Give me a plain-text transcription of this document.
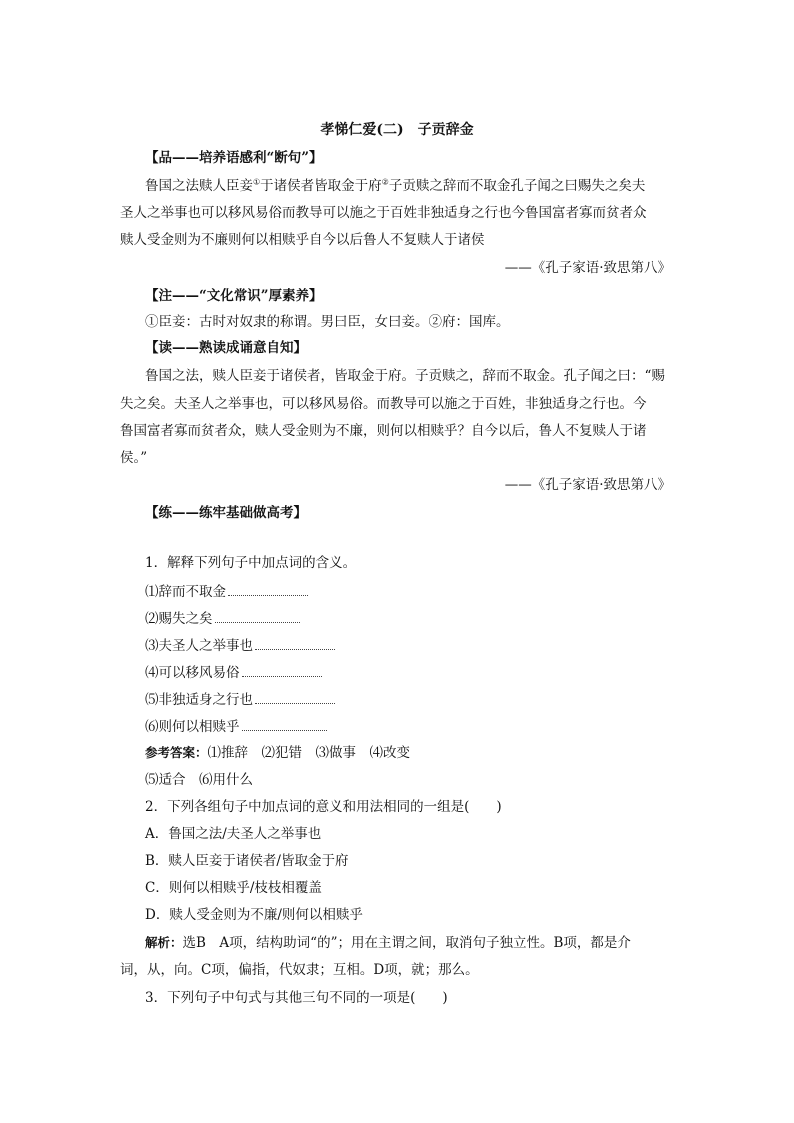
孝悌仁爱(二)　子贡辞金
【品——培养语感利“断句”】
鲁国之法赎人臣妾①于诸侯者皆取金于府②子贡赎之辞而不取金孔子闻之曰赐失之矣夫
圣人之举事也可以移风易俗而教导可以施之于百姓非独适身之行也今鲁国富者寡而贫者众
赎人受金则为不廉则何以相赎乎自今以后鲁人不复赎人于诸侯
——《孔子家语·致思第八》
【注——“文化常识”厚素养】
①臣妾：古时对奴隶的称谓。男曰臣，女曰妾。②府：国库。
【读——熟读成诵意自知】
鲁国之法，赎人臣妾于诸侯者，皆取金于府。子贡赎之，辞而不取金。孔子闻之曰：“赐
失之矣。夫圣人之举事也，可以移风易俗。而教导可以施之于百姓，非独适身之行也。今
鲁国富者寡而贫者众，赎人受金则为不廉，则何以相赎乎？自今以后，鲁人不复赎人于诸
侯。”
——《孔子家语·致思第八》
【练——练牢基础做高考】
1．解释下列句子中加点词的含义。
⑴辞而不取金
⑵赐失之矣
⑶夫圣人之举事也
⑷可以移风易俗
⑸非独适身之行也
⑹则何以相赎乎
参考答案：⑴推辞　⑵犯错　⑶做事　⑷改变
⑸适合　⑹用什么
2．下列各组句子中加点词的意义和用法相同的一组是(　　)
A．鲁国之法/夫圣人之举事也
B．赎人臣妾于诸侯者/皆取金于府
C．则何以相赎乎/枝枝相覆盖
D．赎人受金则为不廉/则何以相赎乎
解析：选B　A项，结构助词“的”；用在主谓之间，取消句子独立性。B项，都是介
词，从，向。C项，偏指，代奴隶；互相。D项，就；那么。
3．下列句子中句式与其他三句不同的一项是(　　)
